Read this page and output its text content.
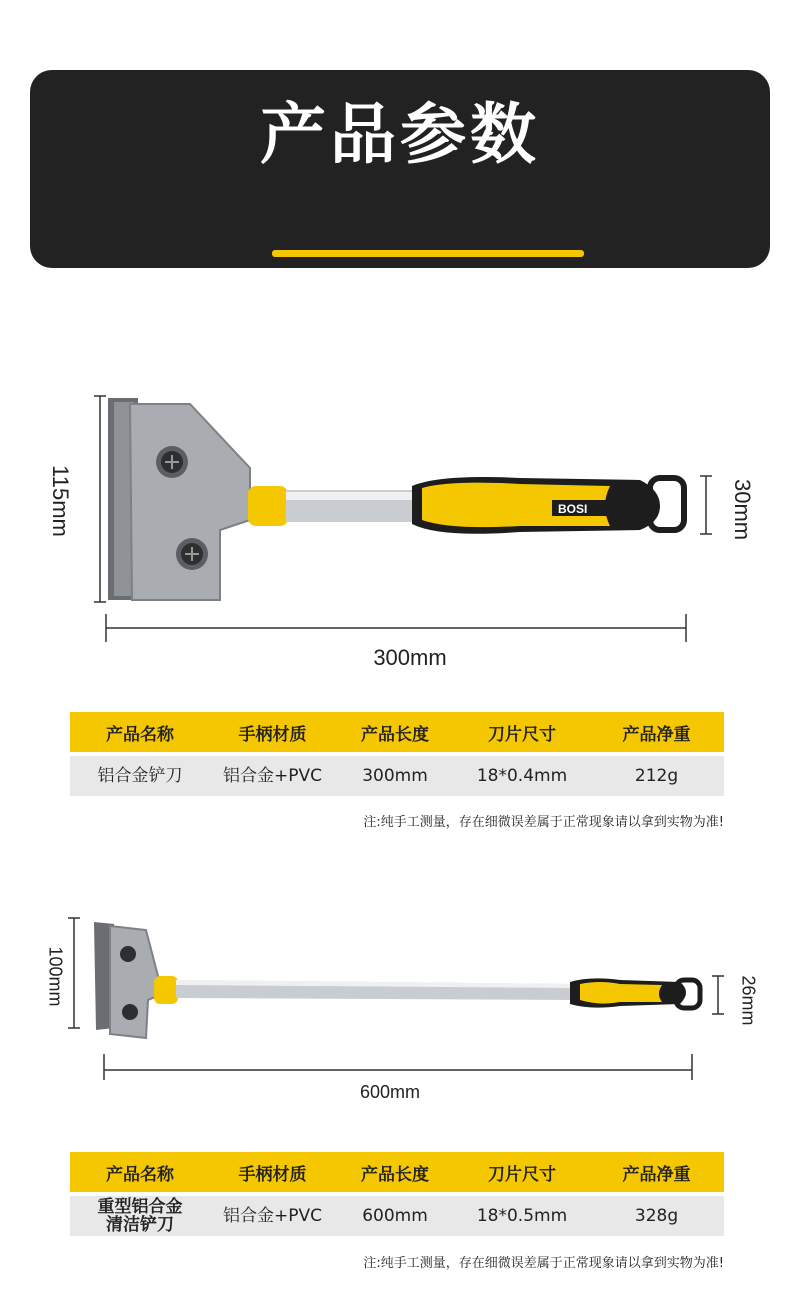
产品参数
PRODUCT PARAMETER
BOSI
115mm	30mm
300mm
产品名称	手柄材质	产品长度	刀片尺寸	产品净重

铝合金铲刀	铝合金+PVC	300mm	18*0.4mm	212g
注:纯手工测量，存在细微误差属于正常现象请以拿到实物为准!
100mm	26mm
600mm
产品名称	手柄材质	产品长度	刀片尺寸	产品净重

重型铝合金
清洁铲刀	铝合金+PVC	600mm	18*0.5mm	328g
注:纯手工测量，存在细微误差属于正常现象请以拿到实物为准!
